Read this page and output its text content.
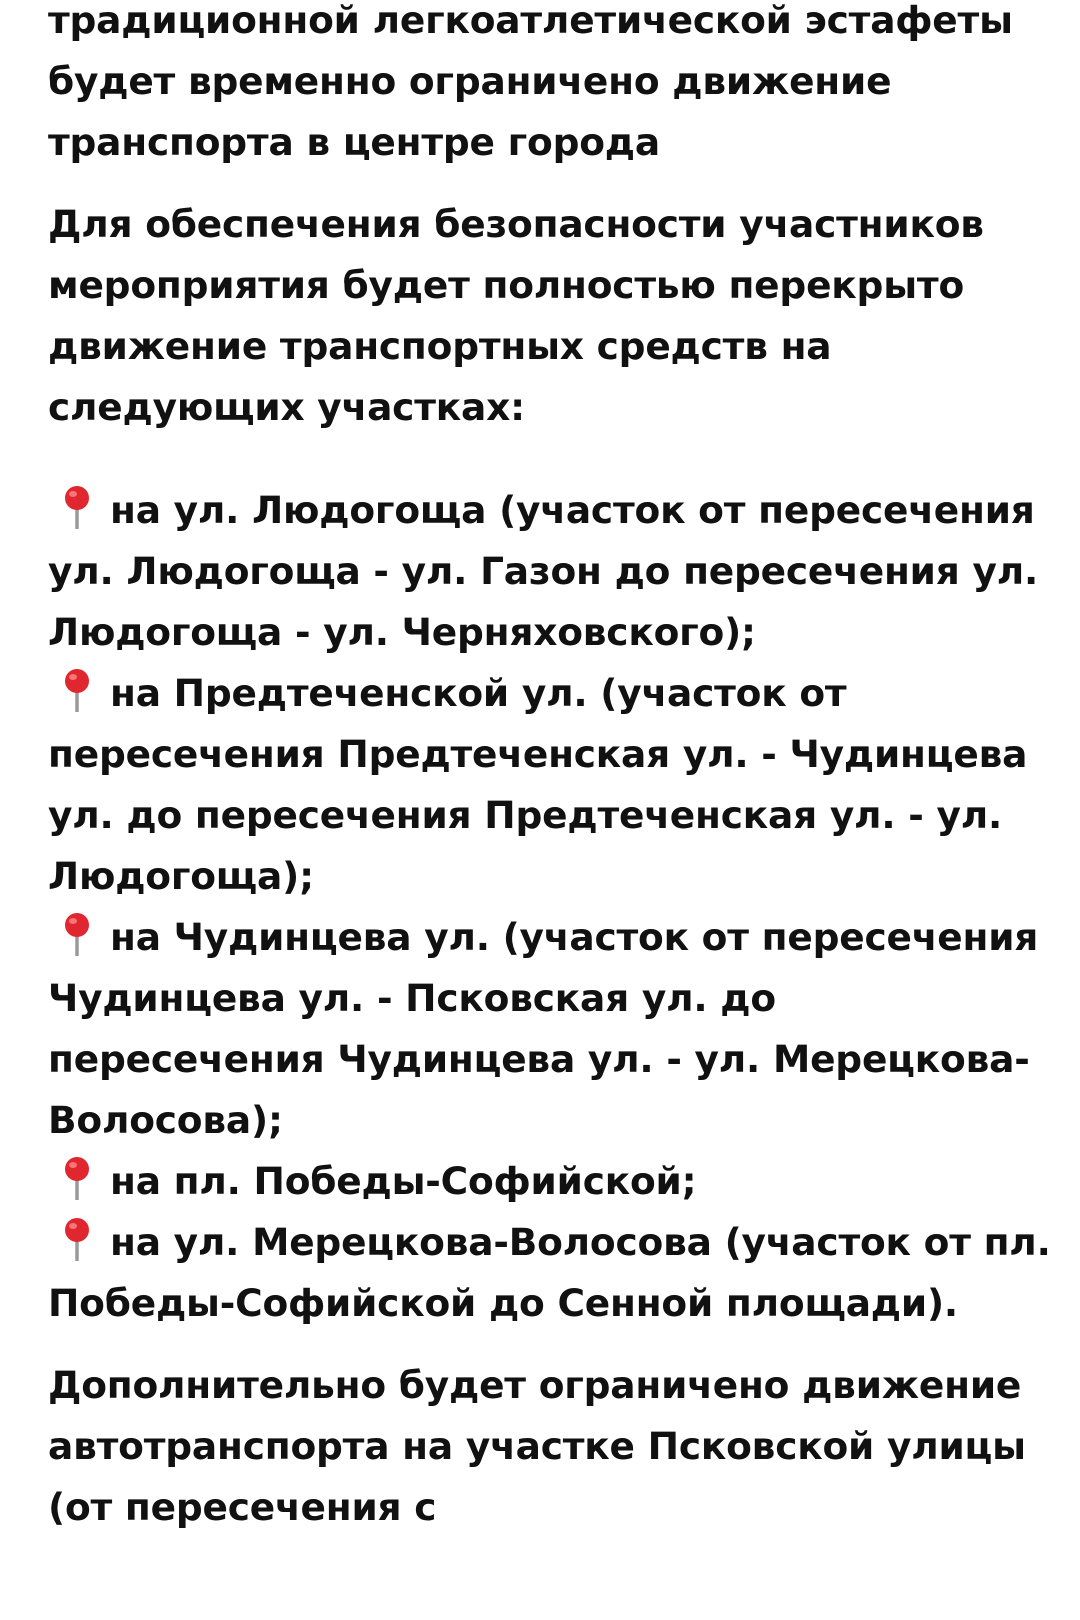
традиционной легкоатлетической эстафеты будет временно ограничено движение транспорта в центре города

Для обеспечения безопасности участников мероприятия будет полностью перекрыто движение транспортных средств на следующих участках:

на ул. Людогоща (участок от пересечения ул. Людогоща - ул. Газон до пересечения ул. Людогоща - ул. Черняховского);

на Предтеченской ул. (участок от пересечения Предтеченская ул. - Чудинцева ул. до пересечения Предтеченская ул. - ул. Людогоща);

на Чудинцева ул. (участок от пересечения Чудинцева ул. - Псковская ул. до пересечения Чудинцева ул. - ул. Мерецкова-Волосова);

на пл. Победы-Софийской;

на ул. Мерецкова-Волосова (участок от пл. Победы-Софийской до Сенной площади).

Дополнительно будет ограничено движение автотранспорта на участке Псковской улицы (от пересечения с
